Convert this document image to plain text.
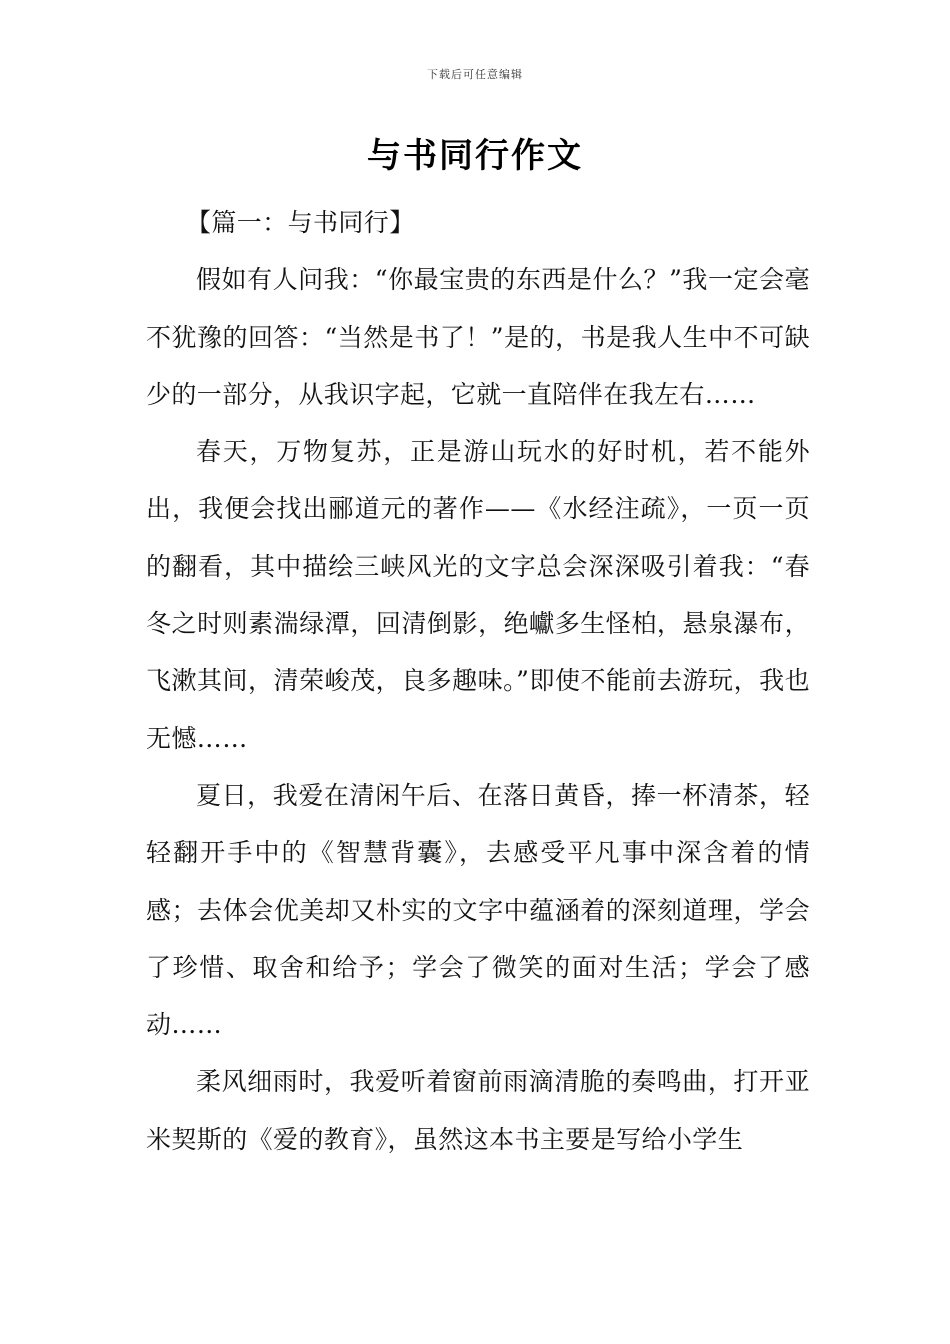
下载后可任意编辑
与书同行作文
【篇一：与书同行】

假如有人问我：“你最宝贵的东西是什么？”我一定会毫不犹豫的回答：“当然是书了！”是的，书是我人生中不可缺少的一部分，从我识字起，它就一直陪伴在我左右……

春天，万物复苏，正是游山玩水的好时机，若不能外出，我便会找出郦道元的著作——《水经注疏》，一页一页的翻看，其中描绘三峡风光的文字总会深深吸引着我：“春冬之时则素湍绿潭，回清倒影，绝巘多生怪柏，悬泉瀑布，飞漱其间，清荣峻茂，良多趣味。”即使不能前去游玩，我也无憾……

夏日，我爱在清闲午后、在落日黄昏，捧一杯清茶，轻轻翻开手中的《智慧背囊》，去感受平凡事中深含着的情感；去体会优美却又朴实的文字中蕴涵着的深刻道理，学会了珍惜、取舍和给予；学会了微笑的面对生活；学会了感动……

柔风细雨时，我爱听着窗前雨滴清脆的奏鸣曲，打开亚米契斯的《爱的教育》，虽然这本书主要是写给小学生
